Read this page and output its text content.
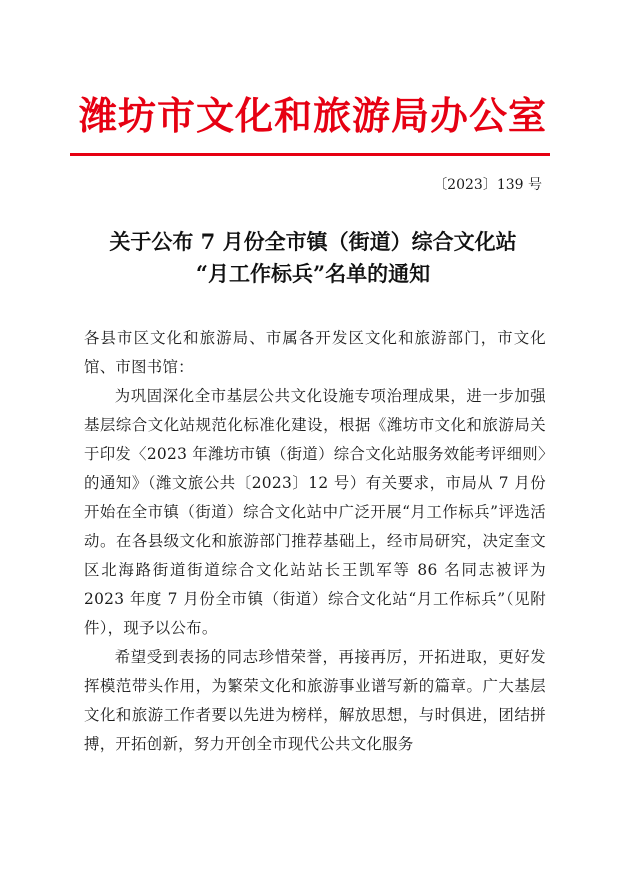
潍坊市文化和旅游局办公室
〔2023〕139 号
关于公布 7 月份全市镇（街道）综合文化站
“月工作标兵”名单的通知

各县市区文化和旅游局、市属各开发区文化和旅游部门，市文化馆、市图书馆：

为巩固深化全市基层公共文化设施专项治理成果，进一步加强基层综合文化站规范化标准化建设，根据《潍坊市文化和旅游局关于印发〈2023 年潍坊市镇（街道）综合文化站服务效能考评细则〉的通知》（潍文旅公共〔2023〕12 号）有关要求，市局从 7 月份开始在全市镇（街道）综合文化站中广泛开展“月工作标兵”评选活动。在各县级文化和旅游部门推荐基础上，经市局研究，决定奎文区北海路街道街道综合文化站站长王凯军等 86 名同志被评为 2023 年度 7 月份全市镇（街道）综合文化站“月工作标兵”（见附件），现予以公布。

希望受到表扬的同志珍惜荣誉，再接再厉，开拓进取，更好发挥模范带头作用，为繁荣文化和旅游事业谱写新的篇章。广大基层文化和旅游工作者要以先进为榜样，解放思想，与时俱进，团结拼搏，开拓创新，努力开创全市现代公共文化服务
